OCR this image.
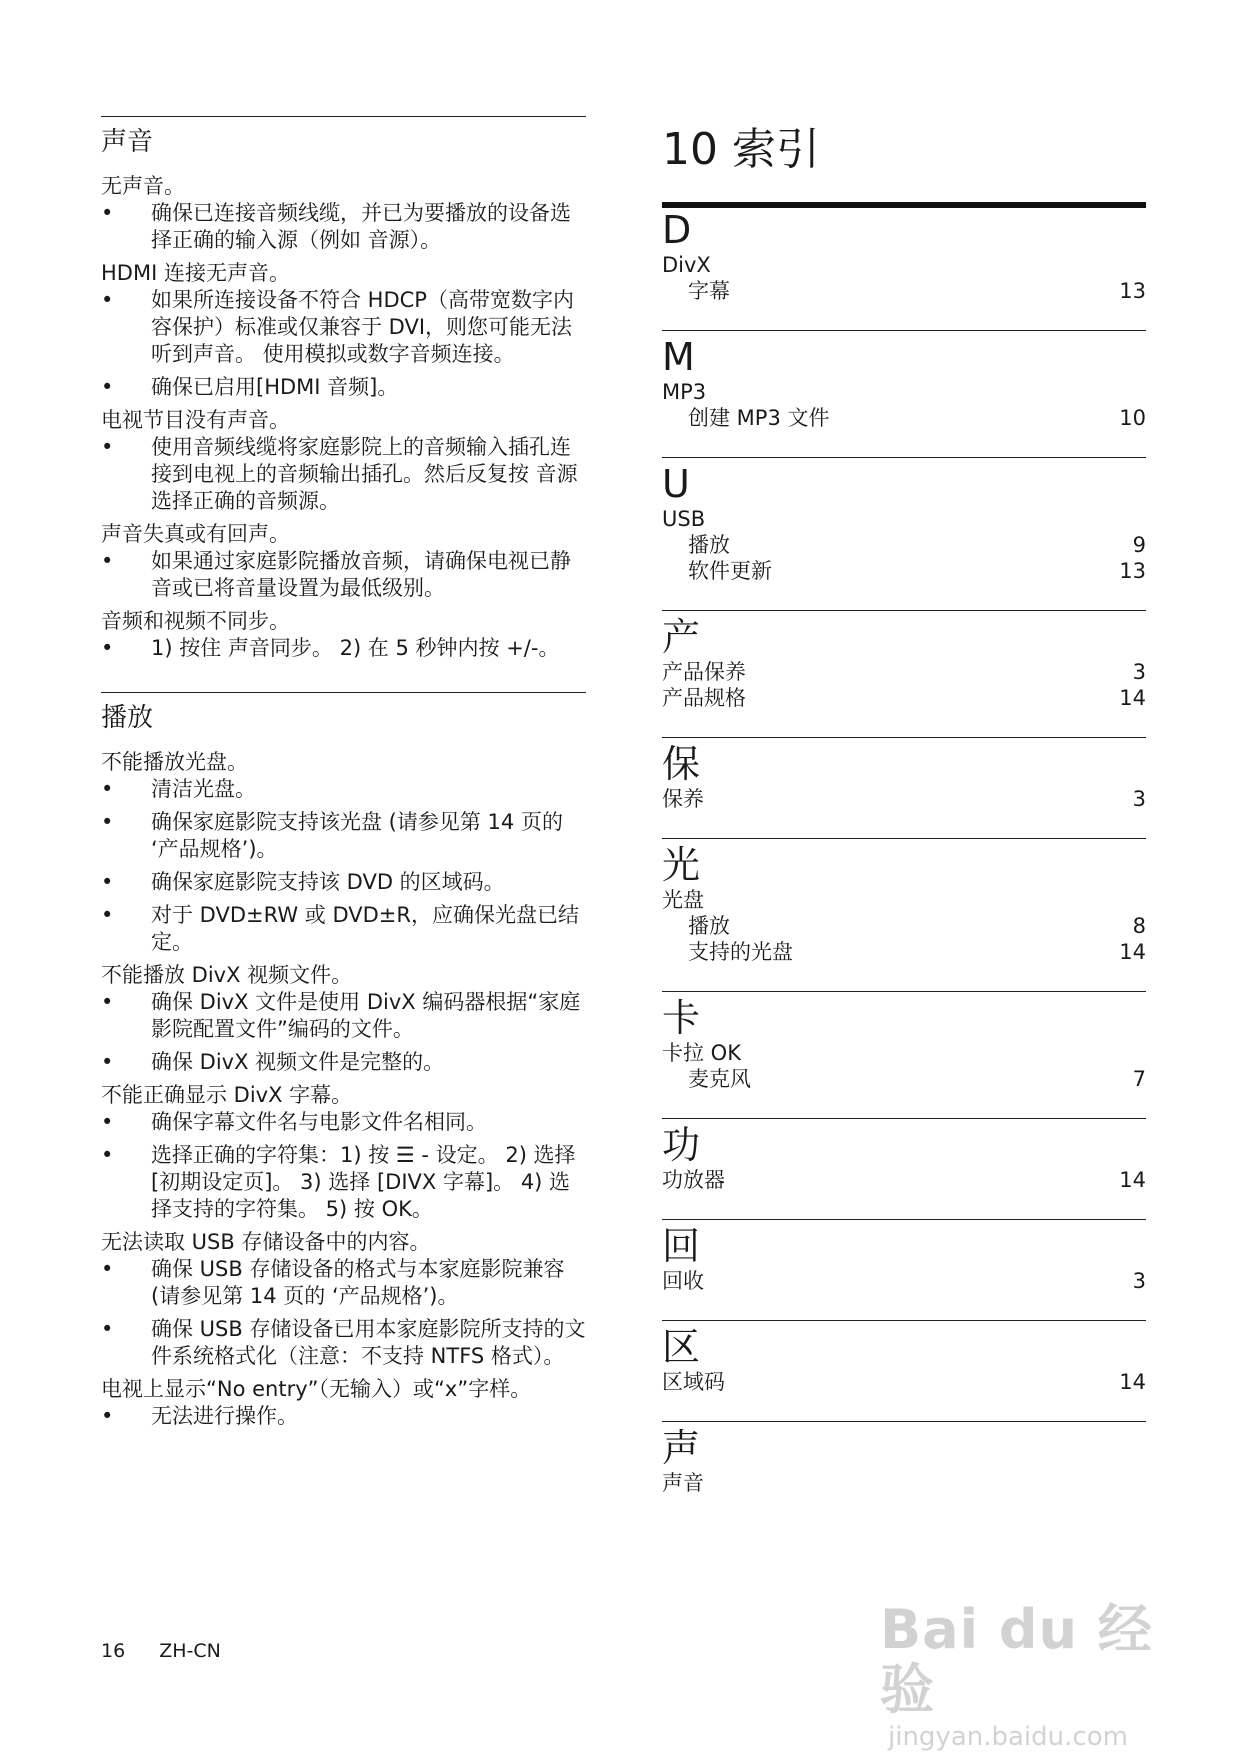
声音
无声音。
• 确保已连接音频线缆，并已为要播放的设备选择正确的输入源（例如 音源）。
HDMI 连接无声音。
• 如果所连接设备不符合 HDCP（高带宽数字内容保护）标准或仅兼容于 DVI，则您可能无法听到声音。 使用模拟或数字音频连接。
• 确保已启用[HDMI 音频]。
电视节目没有声音。
• 使用音频线缆将家庭影院上的音频输入插孔连接到电视上的音频输出插孔。然后反复按 音源 选择正确的音频源。
声音失真或有回声。
• 如果通过家庭影院播放音频，请确保电视已静音或已将音量设置为最低级别。
音频和视频不同步。
• 1) 按住 声音同步。 2) 在 5 秒钟内按 +/-。
播放
不能播放光盘。
• 清洁光盘。
• 确保家庭影院支持该光盘 (请参见第 14 页的 ‘产品规格’)。
• 确保家庭影院支持该 DVD 的区域码。
• 对于 DVD±RW 或 DVD±R，应确保光盘已结定。
不能播放 DivX 视频文件。
• 确保 DivX 文件是使用 DivX 编码器根据“家庭影院配置文件”编码的文件。
• 确保 DivX 视频文件是完整的。
不能正确显示 DivX 字幕。
• 确保字幕文件名与电影文件名相同。
• 选择正确的字符集：1) 按 ☰ - 设定。 2) 选择 [初期设定页]。 3) 选择 [DIVX 字幕]。 4) 选择支持的字符集。 5) 按 OK。
无法读取 USB 存储设备中的内容。
• 确保 USB 存储设备的格式与本家庭影院兼容 (请参见第 14 页的 ‘产品规格’)。
• 确保 USB 存储设备已用本家庭影院所支持的文件系统格式化（注意：不支持 NTFS 格式）。
电视上显示“No entry”（无输入）或“x”字样。
• 无法进行操作。
10 索引
D
DivX
字幕	13
M
MP3
创建 MP3 文件	10
U
USB
播放	9
软件更新	13
产
产品保养	3
产品规格	14
保
保养	3
光
光盘
播放	8
支持的光盘	14
卡
卡拉 OK
麦克风	7
功
功放器	14
回
回收	3
区
区域码	14
声
声音
16 ZH-CN	Bai du 经验
jingyan.baidu.com
